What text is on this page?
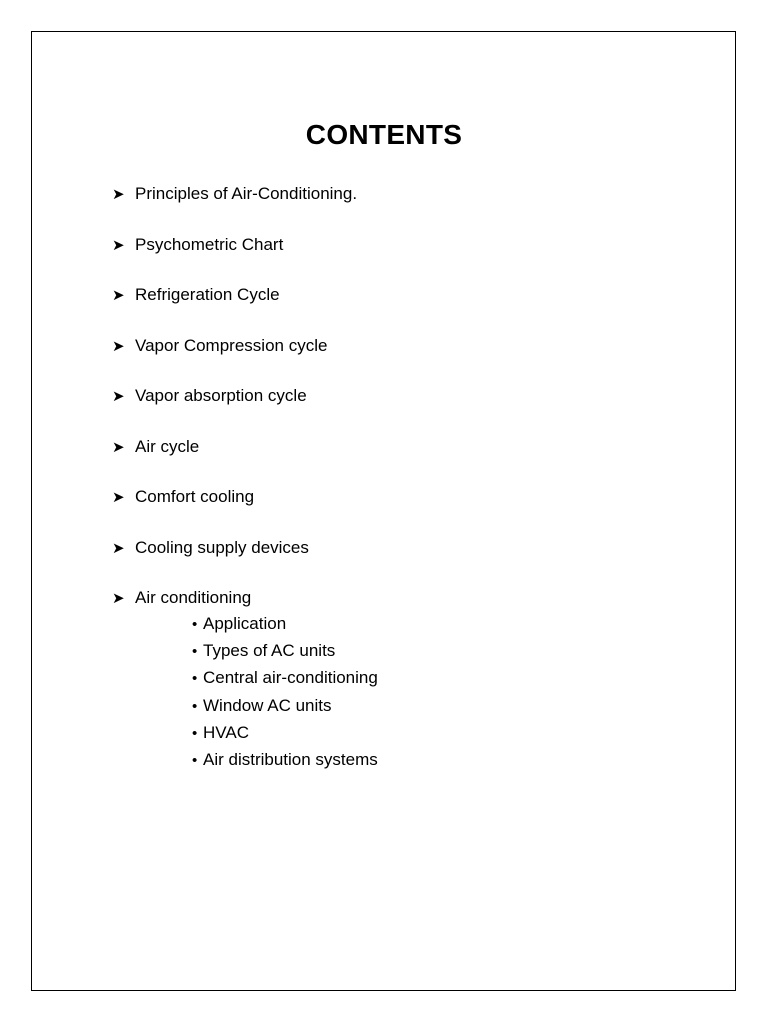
CONTENTS
➤ Principles of Air-Conditioning.
➤ Psychometric Chart
➤ Refrigeration Cycle
➤ Vapor Compression cycle
➤ Vapor absorption cycle
➤ Air cycle
➤ Comfort cooling
➤ Cooling supply devices
➤ Air conditioning
• Application
• Types of AC units
• Central air-conditioning
• Window AC units
• HVAC
• Air distribution systems
